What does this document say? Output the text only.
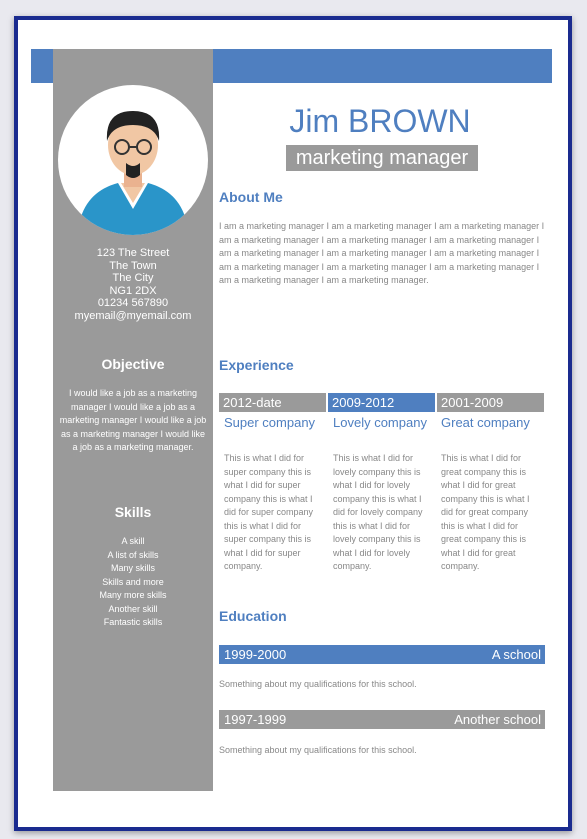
123 The Street
The Town
The City
NG1 2DX
01234 567890
myemail@myemail.com
Objective
I would like a job as a marketing manager I would like a job as a marketing manager I would like a job as a marketing manager I would like a job as a marketing manager.
Skills
A skill
A list of skills
Many skills
Skills and more
Many more skills
Another skill
Fantastic skills
Jim BROWN
marketing manager
About Me
I am a marketing manager I am a marketing manager I am a marketing manager I am a marketing manager I am a marketing manager I am a marketing manager I am a marketing manager I am a marketing manager I am a marketing manager I am a marketing manager I am a marketing manager I am a marketing manager I am a marketing manager I am a marketing manager.
Experience
2012-date	2009-2012	2001-2009
Super company	Lovely company	Great company
This is what I did for super company this is what I did for super company this is what I did for super company this is what I did for super company this is what I did for super company.
This is what I did for lovely company this is what I did for lovely company this is what I did for lovely company this is what I did for lovely company this is what I did for lovely company.
This is what I did for great company this is what I did for great company this is what I did for great company this is what I did for great company this is what I did for great company.
Education
1999-2000	A school
Something about my qualifications for this school.
1997-1999	Another school
Something about my qualifications for this school.
